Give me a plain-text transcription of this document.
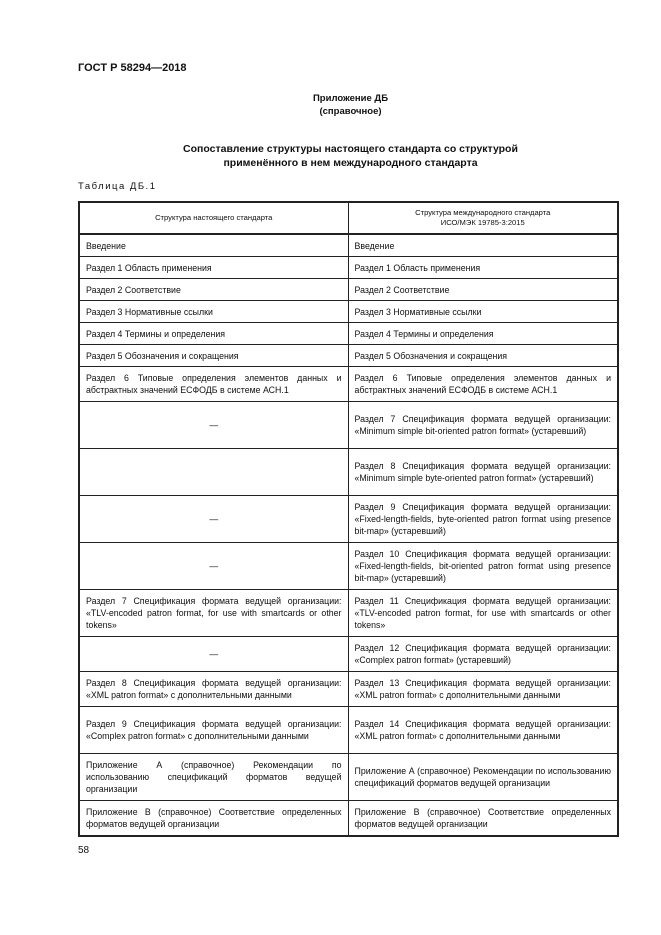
ГОСТ Р 58294—2018
Приложение ДБ
(справочное)
Сопоставление структуры настоящего стандарта со структурой
применённого в нем международного стандарта
Таблица ДБ.1
Структура настоящего стандарта	Структура международного стандарта
ИСО/МЭК 19785-3:2015

Введение	Введение
Раздел 1 Область применения	Раздел 1 Область применения
Раздел 2 Соответствие	Раздел 2 Соответствие
Раздел 3 Нормативные ссылки	Раздел 3 Нормативные ссылки
Раздел 4 Термины и определения	Раздел 4 Термины и определения
Раздел 5 Обозначения и сокращения	Раздел 5 Обозначения и сокращения
Раздел 6 Типовые определения элементов данных и абстрактных значений ЕСФОДБ в системе АСН.1	Раздел 6 Типовые определения элементов данных и абстрактных значений ЕСФОДБ в системе АСН.1
—	Раздел 7 Спецификация формата ведущей организации: «Minimum simple bit-oriented patron format» (устаревший)
	Раздел 8 Спецификация формата ведущей организации: «Minimum simple byte-oriented patron format» (устаревший)
—	Раздел 9 Спецификация формата ведущей организации: «Fixed-length-fields, byte-oriented patron format using presence bit-map» (устаревший)
—	Раздел 10 Спецификация формата ведущей организации: «Fixed-length-fields, bit-oriented patron format using presence bit-map» (устаревший)
Раздел 7 Спецификация формата ведущей организации: «TLV-encoded patron format, for use with smartcards or other tokens»	Раздел 11 Спецификация формата ведущей организации: «TLV-encoded patron format, for use with smartcards or other tokens»
—	Раздел 12 Спецификация формата ведущей организации: «Complex patron format» (устаревший)
Раздел 8 Спецификация формата ведущей организации: «XML patron format» с дополнительными данными	Раздел 13 Спецификация формата ведущей организации: «XML patron format» с дополнительными данными
Раздел 9 Спецификация формата ведущей организации: «Complex patron format» с дополнительными данными	Раздел 14 Спецификация формата ведущей организации: «XML patron format» с дополнительными данными
Приложение А (справочное) Рекомендации по использованию спецификаций форматов ведущей организации	Приложение А (справочное) Рекомендации по использованию спецификаций форматов ведущей организации
Приложение В (справочное) Соответствие определенных форматов ведущей организации	Приложение В (справочное) Соответствие определенных форматов ведущей организации
58
